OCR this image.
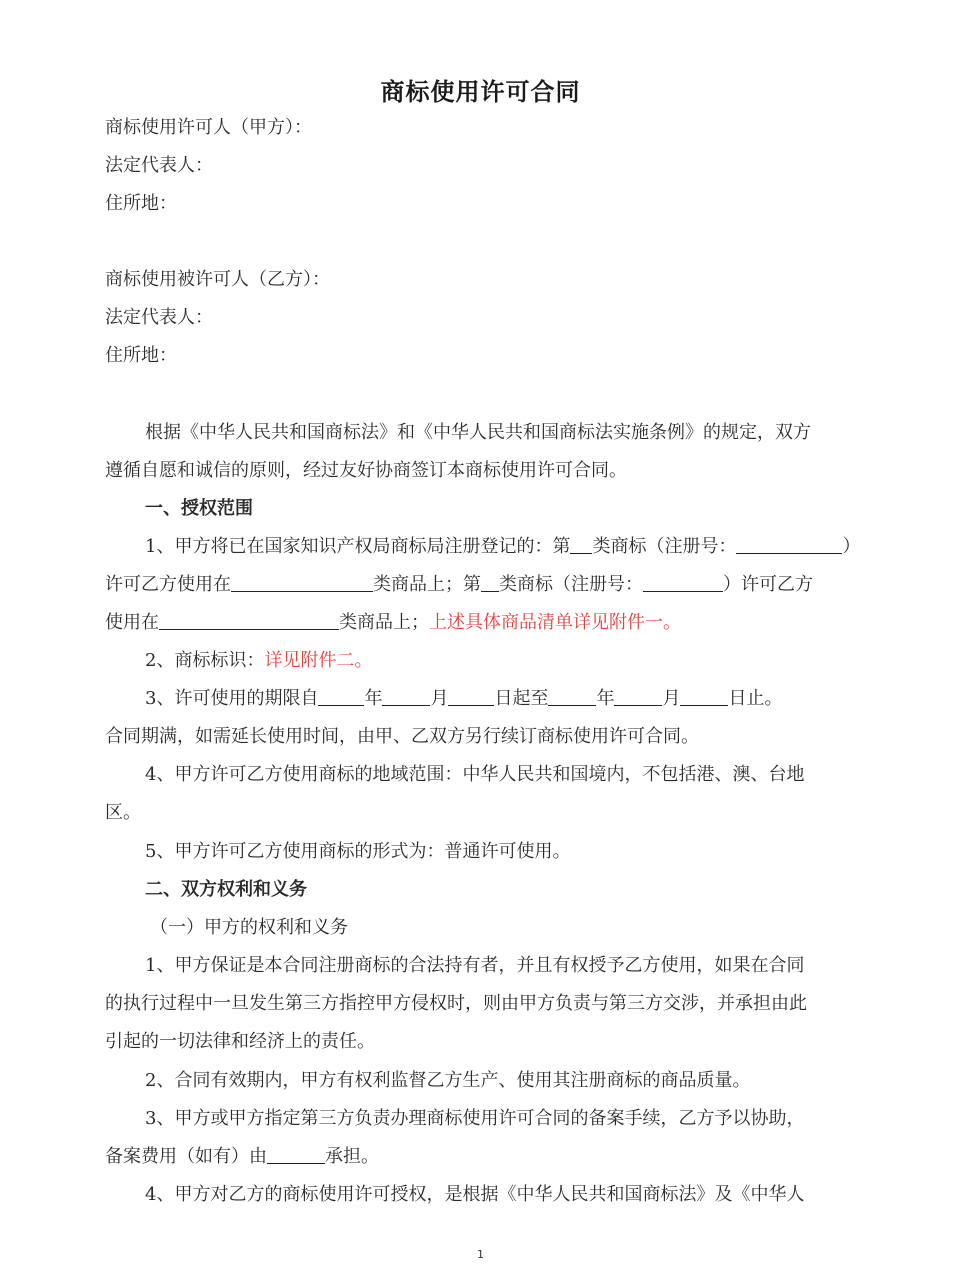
商标使用许可合同
商标使用许可人（甲方）：
法定代表人：
住所地：
商标使用被许可人（乙方）：
法定代表人：
住所地：
根据《中华人民共和国商标法》和《中华人民共和国商标法实施条例》的规定，双方
遵循自愿和诚信的原则，经过友好协商签订本商标使用许可合同。
一、授权范围
1、甲方将已在国家知识产权局商标局注册登记的：第 类商标（注册号：	）
许可乙方使用在	类商品上；第 类商标（注册号：	）许可乙方
使用在	类商品上；上述具体商品清单详见附件一。
2、商标标识：详见附件二。
3、许可使用的期限自	年	月	日起至	年	月	日止。
合同期满，如需延长使用时间，由甲、乙双方另行续订商标使用许可合同。
4、甲方许可乙方使用商标的地域范围：中华人民共和国境内，不包括港、澳、台地
区。
5、甲方许可乙方使用商标的形式为：普通许可使用。
二、双方权利和义务
（一）甲方的权利和义务
1、甲方保证是本合同注册商标的合法持有者，并且有权授予乙方使用，如果在合同
的执行过程中一旦发生第三方指控甲方侵权时，则由甲方负责与第三方交涉，并承担由此
引起的一切法律和经济上的责任。
2、合同有效期内，甲方有权利监督乙方生产、使用其注册商标的商品质量。
3、甲方或甲方指定第三方负责办理商标使用许可合同的备案手续，乙方予以协助，
备案费用（如有）由	承担。
4、甲方对乙方的商标使用许可授权，是根据《中华人民共和国商标法》及《中华人
1
